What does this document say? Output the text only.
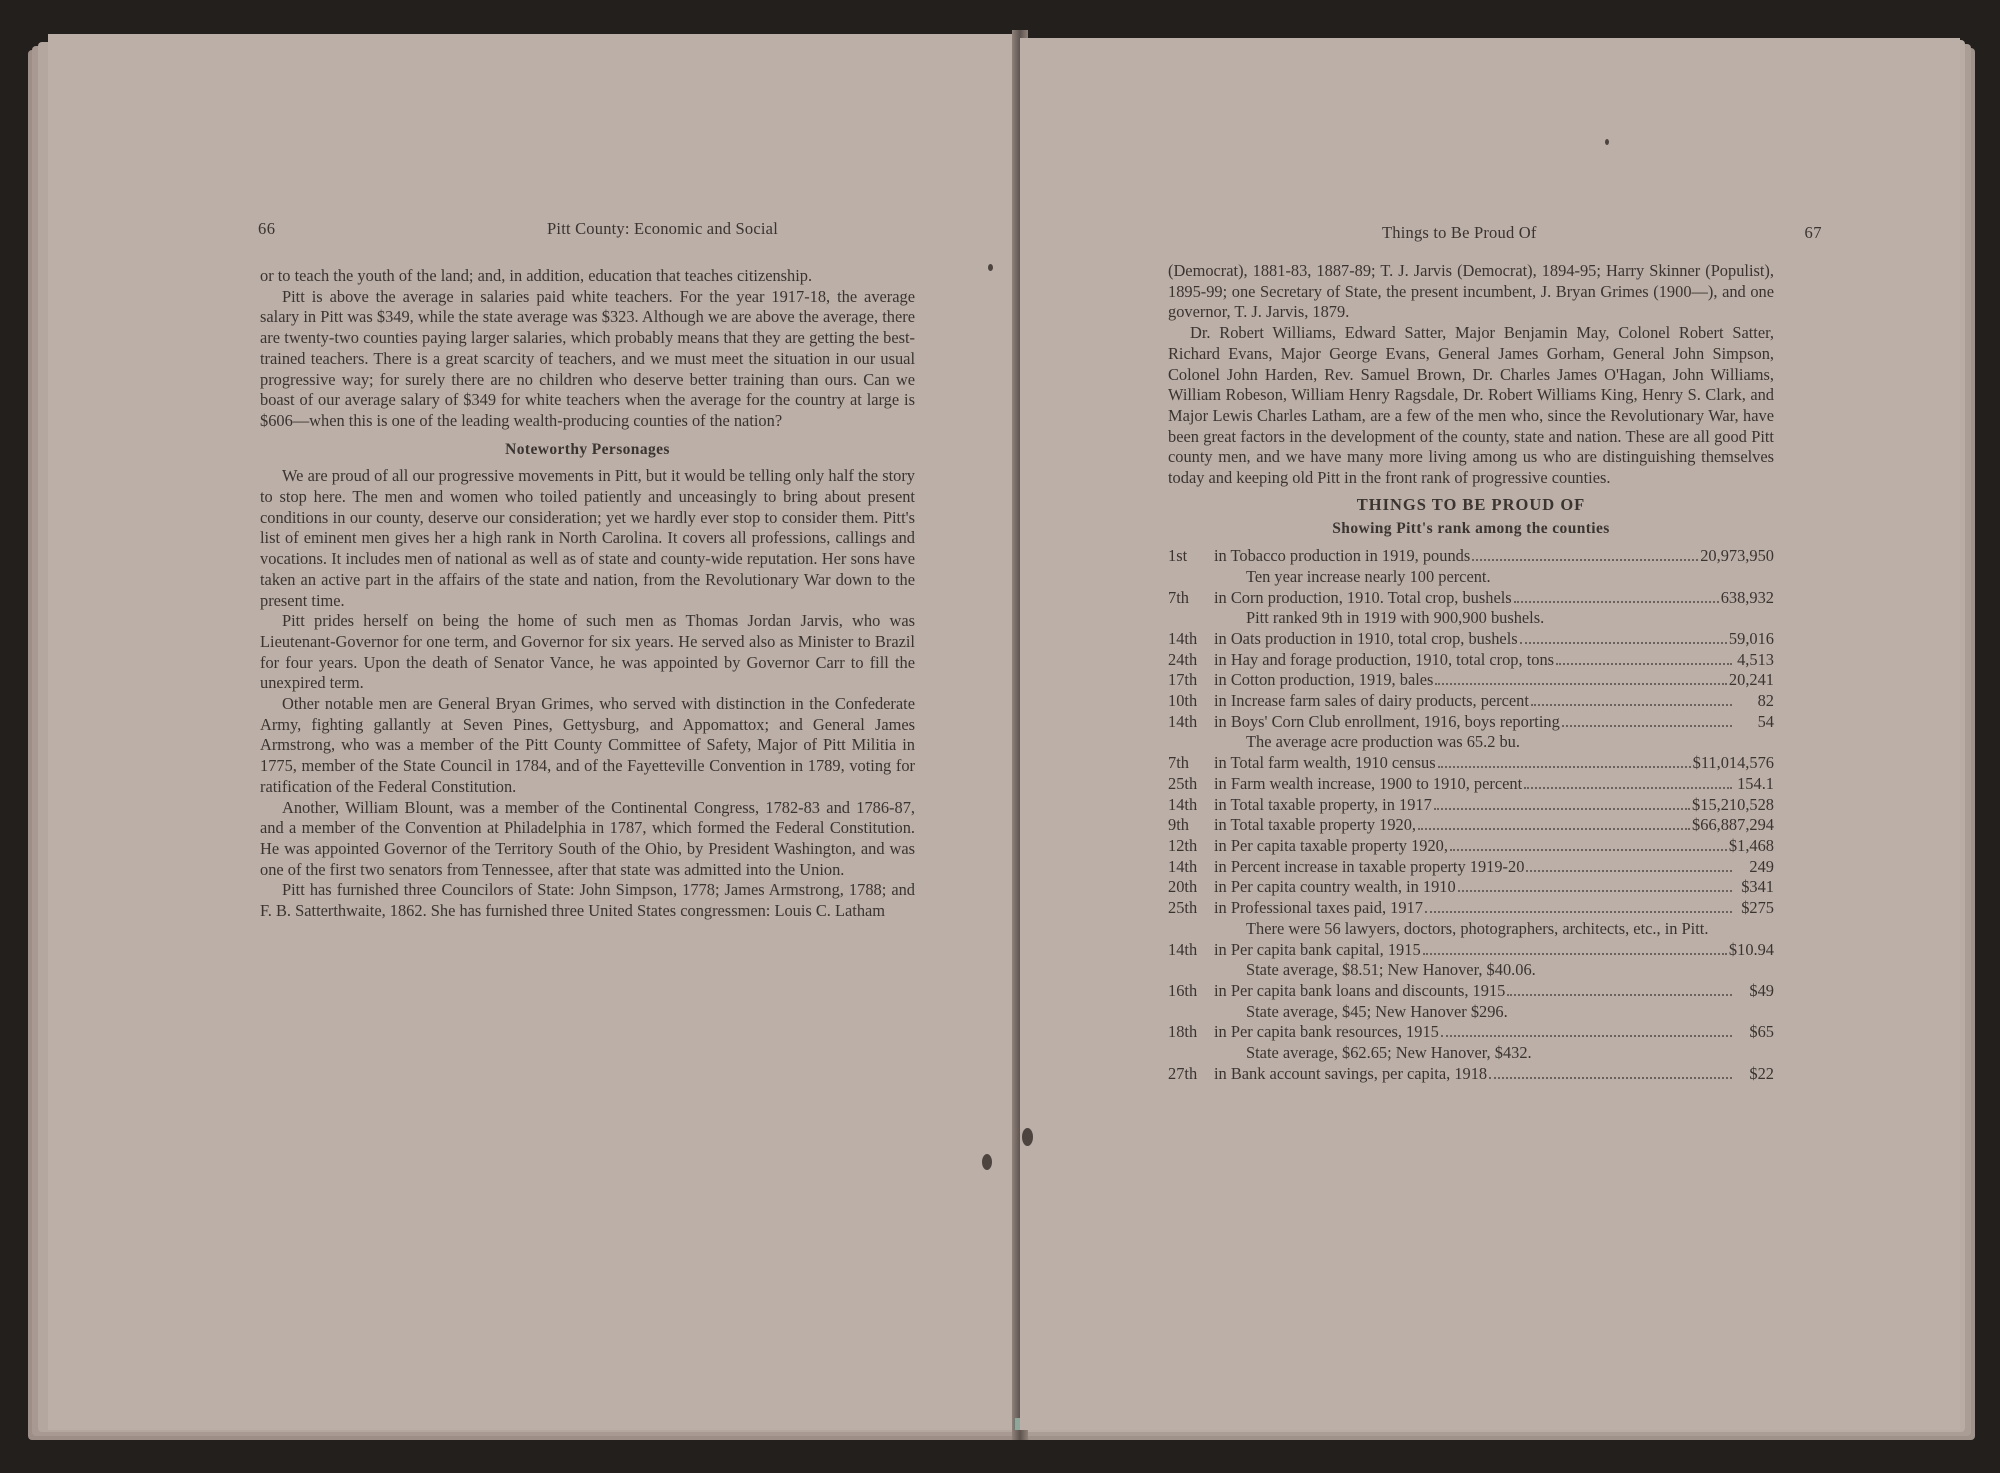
66	Pitt County: Economic and Social

or to teach the youth of the land; and, in addition, education that teaches citizenship.

Pitt is above the average in salaries paid white teachers. For the year 1917-18, the average salary in Pitt was $349, while the state average was $323. Although we are above the average, there are twenty-two counties paying larger salaries, which probably means that they are getting the best-trained teachers. There is a great scarcity of teachers, and we must meet the situation in our usual progressive way; for surely there are no children who deserve better training than ours. Can we boast of our average salary of $349 for white teachers when the average for the country at large is $606—when this is one of the leading wealth-producing counties of the nation?

Noteworthy Personages

We are proud of all our progressive movements in Pitt, but it would be telling only half the story to stop here. The men and women who toiled patiently and unceasingly to bring about present conditions in our county, deserve our consideration; yet we hardly ever stop to consider them. Pitt's list of eminent men gives her a high rank in North Carolina. It covers all professions, callings and vocations. It includes men of national as well as of state and county-wide reputation. Her sons have taken an active part in the affairs of the state and nation, from the Revolutionary War down to the present time.

Pitt prides herself on being the home of such men as Thomas Jordan Jarvis, who was Lieutenant-Governor for one term, and Governor for six years. He served also as Minister to Brazil for four years. Upon the death of Senator Vance, he was appointed by Governor Carr to fill the unexpired term.

Other notable men are General Bryan Grimes, who served with distinction in the Confederate Army, fighting gallantly at Seven Pines, Gettysburg, and Appomattox; and General James Armstrong, who was a member of the Pitt County Committee of Safety, Major of Pitt Militia in 1775, member of the State Council in 1784, and of the Fayetteville Convention in 1789, voting for ratification of the Federal Constitution.

Another, William Blount, was a member of the Continental Congress, 1782-83 and 1786-87, and a member of the Convention at Philadelphia in 1787, which formed the Federal Constitution. He was appointed Governor of the Territory South of the Ohio, by President Washington, and was one of the first two senators from Tennessee, after that state was admitted into the Union.

Pitt has furnished three Councilors of State: John Simpson, 1778; James Armstrong, 1788; and F. B. Satterthwaite, 1862. She has furnished three United States congressmen: Louis C. Latham

Things to Be Proud Of	67

(Democrat), 1881-83, 1887-89; T. J. Jarvis (Democrat), 1894-95; Harry Skinner (Populist), 1895-99; one Secretary of State, the present incumbent, J. Bryan Grimes (1900—), and one governor, T. J. Jarvis, 1879.

Dr. Robert Williams, Edward Satter, Major Benjamin May, Colonel Robert Satter, Richard Evans, Major George Evans, General James Gorham, General John Simpson, Colonel John Harden, Rev. Samuel Brown, Dr. Charles James O'Hagan, John Williams, William Robeson, William Henry Ragsdale, Dr. Robert Williams King, Henry S. Clark, and Major Lewis Charles Latham, are a few of the men who, since the Revolutionary War, have been great factors in the development of the county, state and nation. These are all good Pitt county men, and we have many more living among us who are distinguishing themselves today and keeping old Pitt in the front rank of progressive counties.

THINGS TO BE PROUD OF
Showing Pitt's rank among the counties
1st	in Tobacco production in 1919, pounds	20,973,950
Ten year increase nearly 100 percent.
7th	in Corn production, 1910. Total crop, bushels	638,932
Pitt ranked 9th in 1919 with 900,900 bushels.
14th	in Oats production in 1910, total crop, bushels	59,016
24th	in Hay and forage production, 1910, total crop, tons	4,513
17th	in Cotton production, 1919, bales	20,241
10th	in Increase farm sales of dairy products, percent	82
14th	in Boys' Corn Club enrollment, 1916, boys reporting	54
The average acre production was 65.2 bu.
7th	in Total farm wealth, 1910 census	$11,014,576
25th	in Farm wealth increase, 1900 to 1910, percent	154.1
14th	in Total taxable property, in 1917	$15,210,528
9th	in Total taxable property 1920,	$66,887,294
12th	in Per capita taxable property 1920,	$1,468
14th	in Percent increase in taxable property 1919-20	249
20th	in Per capita country wealth, in 1910	$341
25th	in Professional taxes paid, 1917	$275
There were 56 lawyers, doctors, photographers, architects, etc., in Pitt.
14th	in Per capita bank capital, 1915	$10.94
State average, $8.51; New Hanover, $40.06.
16th	in Per capita bank loans and discounts, 1915	$49
State average, $45; New Hanover $296.
18th	in Per capita bank resources, 1915	$65
State average, $62.65; New Hanover, $432.
27th	in Bank account savings, per capita, 1918	$22
